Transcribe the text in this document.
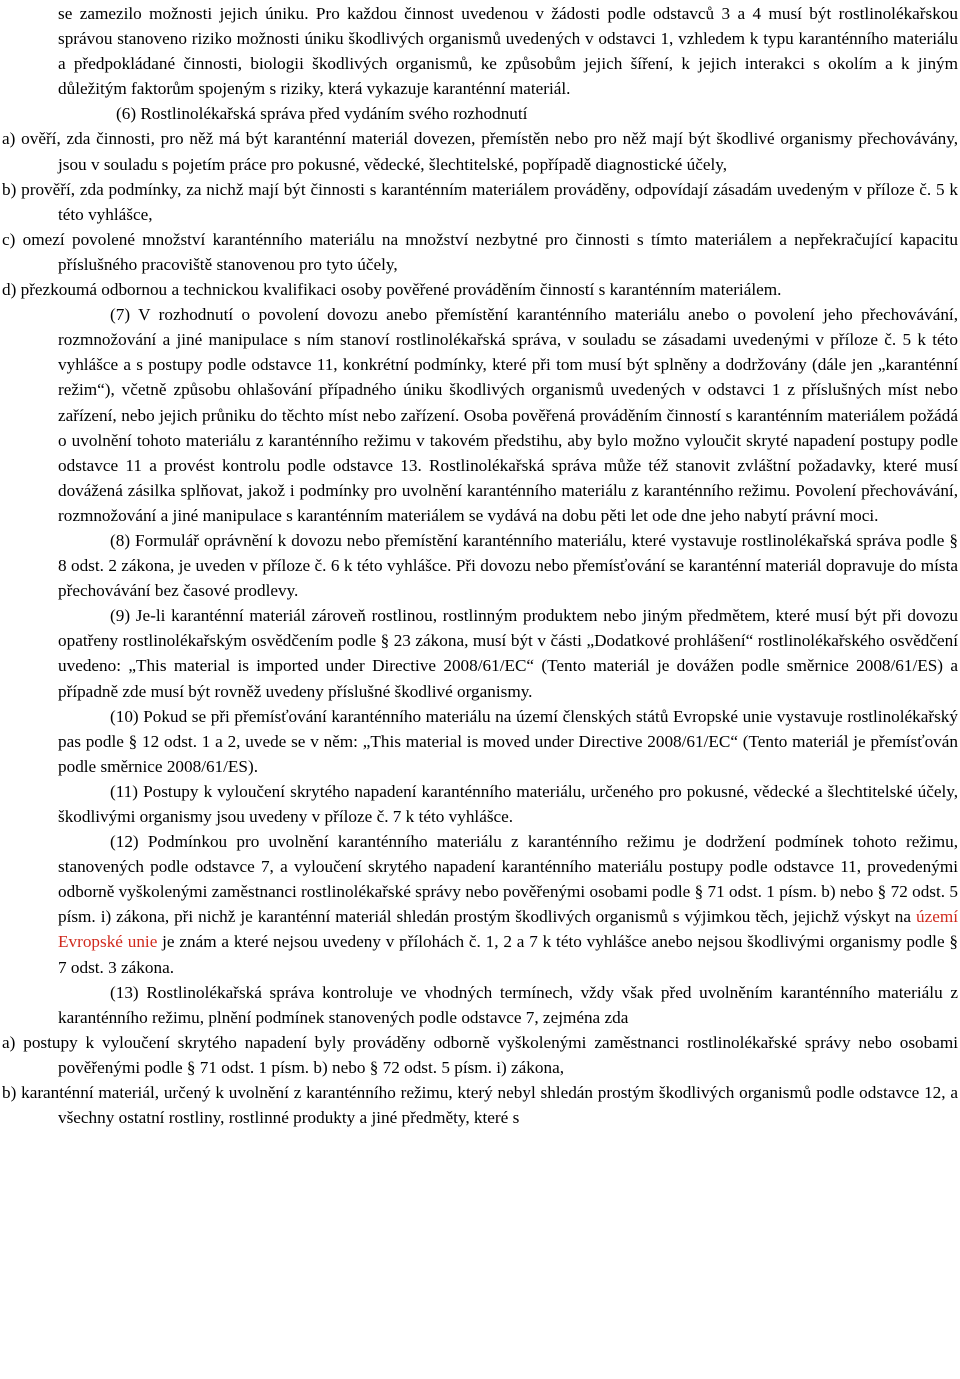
se zamezilo možnosti jejich úniku. Pro každou činnost uvedenou v žádosti podle odstavců 3 a 4 musí být rostlinolékařskou správou stanoveno riziko možnosti úniku škodlivých organismů uvedených v odstavci 1, vzhledem k typu karanténního materiálu a předpokládané činnosti, biologii škodlivých organismů, ke způsobům jejich šíření, k jejich interakci s okolím a k jiným důležitým faktorům spojeným s riziky, která vykazuje karanténní materiál.
(6) Rostlinolékařská správa před vydáním svého rozhodnutí
a) ověří, zda činnosti, pro něž má být karanténní materiál dovezen, přemístěn nebo pro něž mají být škodlivé organismy přechovávány, jsou v souladu s pojetím práce pro pokusné, vědecké, šlechtitelské, popřípadě diagnostické účely,
b) prověří, zda podmínky, za nichž mají být činnosti s karanténním materiálem prováděny, odpovídají zásadám uvedeným v příloze č. 5 k této vyhlášce,
c) omezí povolené množství karanténního materiálu na množství nezbytné pro činnosti s tímto materiálem a nepřekračující kapacitu příslušného pracoviště stanovenou pro tyto účely,
d) přezkoumá odbornou a technickou kvalifikaci osoby pověřené prováděním činností s karanténním materiálem.
(7) V rozhodnutí o povolení dovozu anebo přemístění karanténního materiálu anebo o povolení jeho přechovávání, rozmnožování a jiné manipulace s ním stanoví rostlinolékařská správa, v souladu se zásadami uvedenými v příloze č. 5 k této vyhlášce a s postupy podle odstavce 11, konkrétní podmínky, které při tom musí být splněny a dodržovány (dále jen „karanténní režim“), včetně způsobu ohlašování případného úniku škodlivých organismů uvedených v odstavci 1 z příslušných míst nebo zařízení, nebo jejich průniku do těchto míst nebo zařízení. Osoba pověřená prováděním činností s karanténním materiálem požádá o uvolnění tohoto materiálu z karanténního režimu v takovém předstihu, aby bylo možno vyloučit skryté napadení postupy podle odstavce 11 a provést kontrolu podle odstavce 13. Rostlinolékařská správa může též stanovit zvláštní požadavky, které musí dovážená zásilka splňovat, jakož i podmínky pro uvolnění karanténního materiálu z karanténního režimu. Povolení přechovávání, rozmnožování a jiné manipulace s karanténním materiálem se vydává na dobu pěti let ode dne jeho nabytí právní moci.
(8) Formulář oprávnění k dovozu nebo přemístění karanténního materiálu, které vystavuje rostlinolékařská správa podle § 8 odst. 2 zákona, je uveden v příloze č. 6 k této vyhlášce. Při dovozu nebo přemísťování se karanténní materiál dopravuje do místa přechovávání bez časové prodlevy.
(9) Je-li karanténní materiál zároveň rostlinou, rostlinným produktem nebo jiným předmětem, které musí být při dovozu opatřeny rostlinolékařským osvědčením podle § 23 zákona, musí být v části „Dodatkové prohlášení“ rostlinolékařského osvědčení uvedeno: „This material is imported under Directive 2008/61/EC“ (Tento materiál je dovážen podle směrnice 2008/61/ES) a případně zde musí být rovněž uvedeny příslušné škodlivé organismy.
(10) Pokud se při přemísťování karanténního materiálu na území členských států Evropské unie vystavuje rostlinolékařský pas podle § 12 odst. 1 a 2, uvede se v něm: „This material is moved under Directive 2008/61/EC“ (Tento materiál je přemísťován podle směrnice 2008/61/ES).
(11) Postupy k vyloučení skrytého napadení karanténního materiálu, určeného pro pokusné, vědecké a šlechtitelské účely, škodlivými organismy jsou uvedeny v příloze č. 7 k této vyhlášce.
(12) Podmínkou pro uvolnění karanténního materiálu z karanténního režimu je dodržení podmínek tohoto režimu, stanovených podle odstavce 7, a vyloučení skrytého napadení karanténního materiálu postupy podle odstavce 11, provedenými odborně vyškolenými zaměstnanci rostlinolékařské správy nebo pověřenými osobami podle § 71 odst. 1 písm. b) nebo § 72 odst. 5 písm. i) zákona, při nichž je karanténní materiál shledán prostým škodlivých organismů s výjimkou těch, jejichž výskyt na území Evropské unie je znám a které nejsou uvedeny v přílohách č. 1, 2 a 7 k této vyhlášce anebo nejsou škodlivými organismy podle § 7 odst. 3 zákona.
(13) Rostlinolékařská správa kontroluje ve vhodných termínech, vždy však před uvolněním karanténního materiálu z karanténního režimu, plnění podmínek stanovených podle odstavce 7, zejména zda
a) postupy k vyloučení skrytého napadení byly prováděny odborně vyškolenými zaměstnanci rostlinolékařské správy nebo osobami pověřenými podle § 71 odst. 1 písm. b) nebo § 72 odst. 5 písm. i) zákona,
b) karanténní materiál, určený k uvolnění z karanténního režimu, který nebyl shledán prostým škodlivých organismů podle odstavce 12, a všechny ostatní rostliny, rostlinné produkty a jiné předměty, které s
